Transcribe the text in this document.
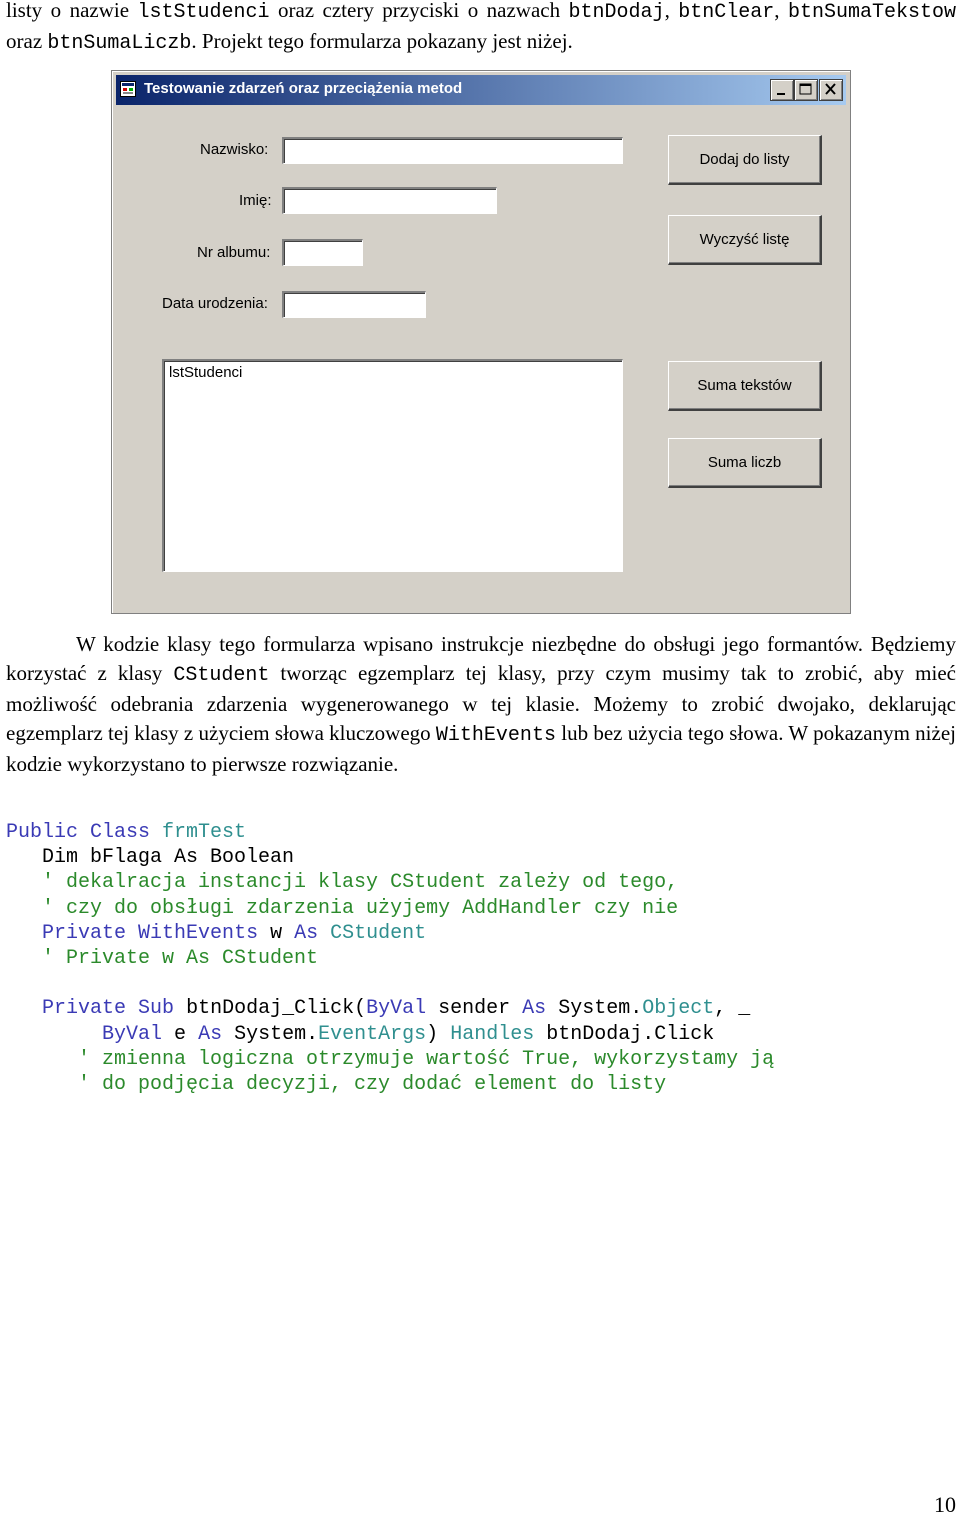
listy o nazwie lstStudenci oraz cztery przyciski o nazwach btnDodaj, btnClear, btnSumaTekstow oraz btnSumaLiczb. Projekt tego formularza pokazany jest niżej.

Testowanie zdarzeń oraz przeciążenia metod
Nazwisko:
Imię:
Nr albumu:
Data urodzenia:
Dodaj do listy
Wyczyść listę
Suma tekstów
Suma liczb
lstStudenci

W kodzie klasy tego formularza wpisano instrukcje niezbędne do obsługi jego formantów. Będziemy korzystać z klasy CStudent tworząc egzemplarz tej klasy, przy czym musimy tak to zrobić, aby mieć możliwość odebrania zdarzenia wygenerowanego w tej klasie. Możemy to zrobić dwojako, deklarując egzemplarz tej klasy z użyciem słowa kluczowego WithEvents lub bez użycia tego słowa. W pokazanym niżej kodzie wykorzystano to pierwsze rozwiązanie.

Public Class frmTest
Dim bFlaga As Boolean
' dekalracja instancji klasy CStudent zależy od tego,
' czy do obsługi zdarzenia użyjemy AddHandler czy nie
Private WithEvents w As CStudent
' Private w As CStudent

Private Sub btnDodaj_Click(ByVal sender As System.Object, _
ByVal e As System.EventArgs) Handles btnDodaj.Click
' zmienna logiczna otrzymuje wartość True, wykorzystamy ją
' do podjęcia decyzji, czy dodać element do listy
10
